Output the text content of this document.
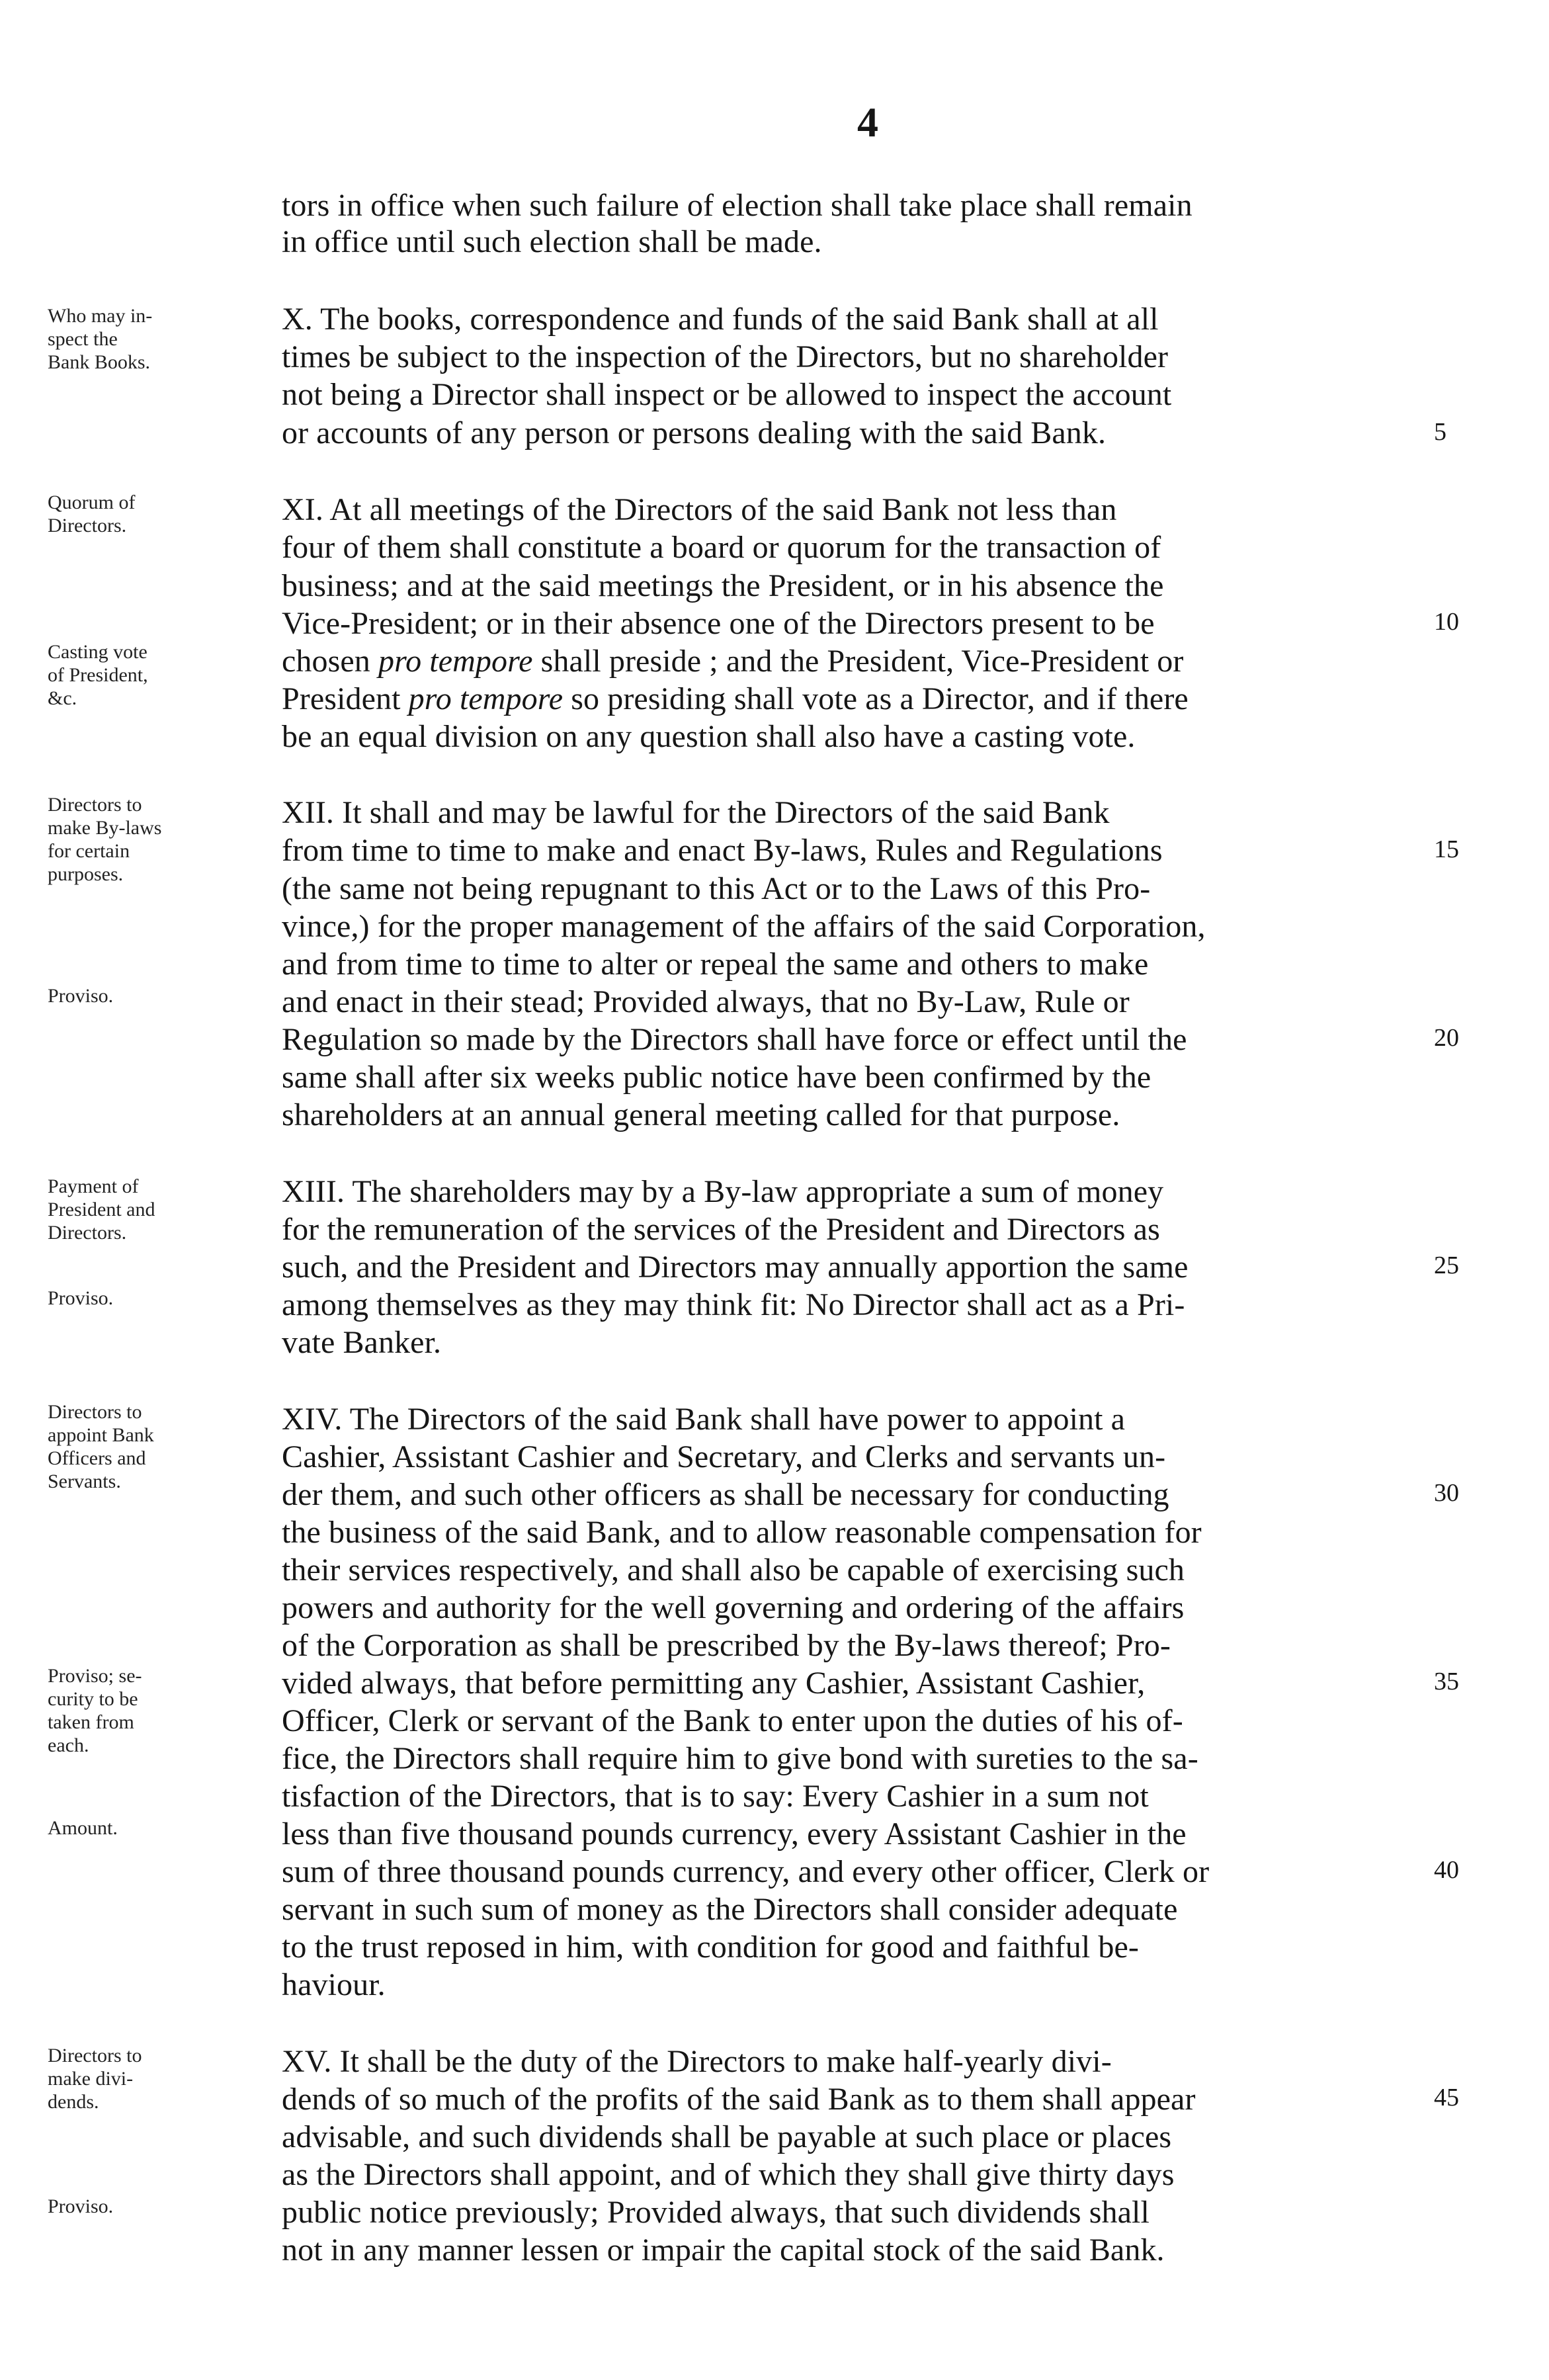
4
tors in office when such failure of election shall take place shall remain
in office until such election shall be made.
X. The books, correspondence and funds of the said Bank shall at all
times be subject to the inspection of the Directors, but no shareholder
not being a Director shall inspect or be allowed to inspect the account
or accounts of any person or persons dealing with the said Bank.
XI. At all meetings of the Directors of the said Bank not less than
four of them shall constitute a board or quorum for the transaction of
business; and at the said meetings the President, or in his absence the
Vice-President; or in their absence one of the Directors present to be
chosen pro tempore shall preside ; and the President, Vice-President or
President pro tempore so presiding shall vote as a Director, and if there
be an equal division on any question shall also have a casting vote.
XII. It shall and may be lawful for the Directors of the said Bank
from time to time to make and enact By-laws, Rules and Regulations
(the same not being repugnant to this Act or to the Laws of this Pro-
vince,) for the proper management of the affairs of the said Corporation,
and from time to time to alter or repeal the same and others to make
and enact in their stead; Provided always, that no By-Law, Rule or
Regulation so made by the Directors shall have force or effect until the
same shall after six weeks public notice have been confirmed by the
shareholders at an annual general meeting called for that purpose.
XIII. The shareholders may by a By-law appropriate a sum of money
for the remuneration of the services of the President and Directors as
such, and the President and Directors may annually apportion the same
among themselves as they may think fit: No Director shall act as a Pri-
vate Banker.
XIV. The Directors of the said Bank shall have power to appoint a
Cashier, Assistant Cashier and Secretary, and Clerks and servants un-
der them, and such other officers as shall be necessary for conducting
the business of the said Bank, and to allow reasonable compensation for
their services respectively, and shall also be capable of exercising such
powers and authority for the well governing and ordering of the affairs
of the Corporation as shall be prescribed by the By-laws thereof; Pro-
vided always, that before permitting any Cashier, Assistant Cashier,
Officer, Clerk or servant of the Bank to enter upon the duties of his of-
fice, the Directors shall require him to give bond with sureties to the sa-
tisfaction of the Directors, that is to say: Every Cashier in a sum not
less than five thousand pounds currency, every Assistant Cashier in the
sum of three thousand pounds currency, and every other officer, Clerk or
servant in such sum of money as the Directors shall consider adequate
to the trust reposed in him, with condition for good and faithful be-
haviour.
XV. It shall be the duty of the Directors to make half-yearly divi-
dends of so much of the profits of the said Bank as to them shall appear
advisable, and such dividends shall be payable at such place or places
as the Directors shall appoint, and of which they shall give thirty days
public notice previously; Provided always, that such dividends shall
not in any manner lessen or impair the capital stock of the said Bank.
Who may in-
spect the
Bank Books.
Quorum of
Directors.
Casting vote
of President,
&c.
Directors to
make By-laws
for certain
purposes.
Proviso.
Payment of
President and
Directors.
Proviso.
Directors to
appoint Bank
Officers and
Servants.
Proviso; se-
curity to be
taken from
each.
Amount.
Directors to
make divi-
dends.
Proviso.
5
10
15
20
25
30
35
40
45
